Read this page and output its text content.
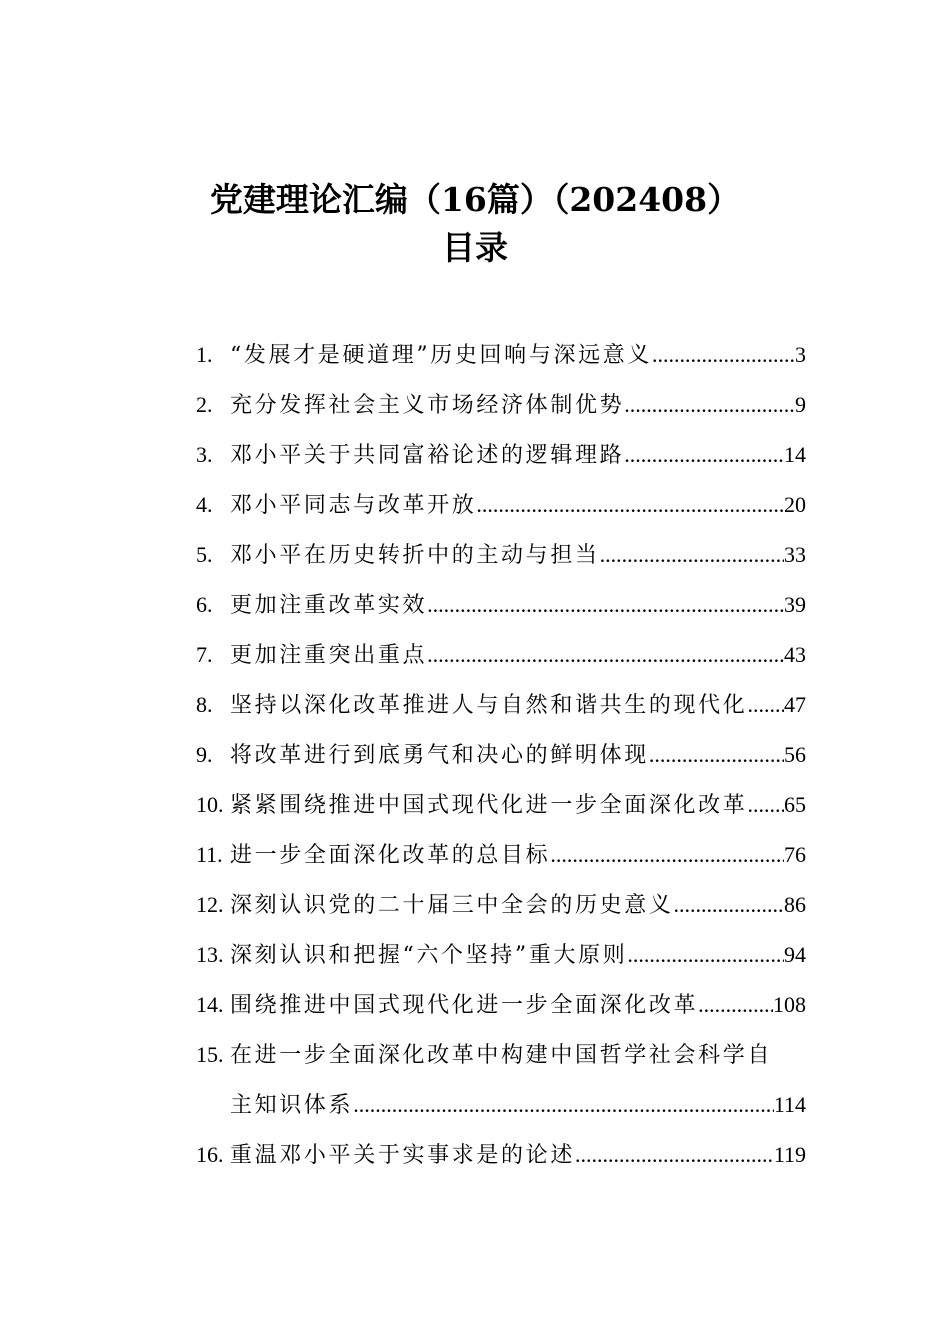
党建理论汇编（16篇）（202408）
目录
1. “发展才是硬道理”历史回响与深远意义 .....	3
2. 充分发挥社会主义市场经济体制优势 .....	9
3. 邓小平关于共同富裕论述的逻辑理路 .....	14
4. 邓小平同志与改革开放 .....	20
5. 邓小平在历史转折中的主动与担当 .....	33
6. 更加注重改革实效 .....	39
7. 更加注重突出重点 .....	43
8. 坚持以深化改革推进人与自然和谐共生的现代化 ..... 47
9. 将改革进行到底勇气和决心的鲜明体现 .....	56
10. 紧紧围绕推进中国式现代化进一步全面深化改革 ..... 65
11. 进一步全面深化改革的总目标 .....	76
12. 深刻认识党的二十届三中全会的历史意义 .....	86
13. 深刻认识和把握“六个坚持”重大原则 .....	94
14. 围绕推进中国式现代化进一步全面深化改革 .....	108
15. 在进一步全面深化改革中构建中国哲学社会科学自
主知识体系 .....	114
16. 重温邓小平关于实事求是的论述 .....	119
